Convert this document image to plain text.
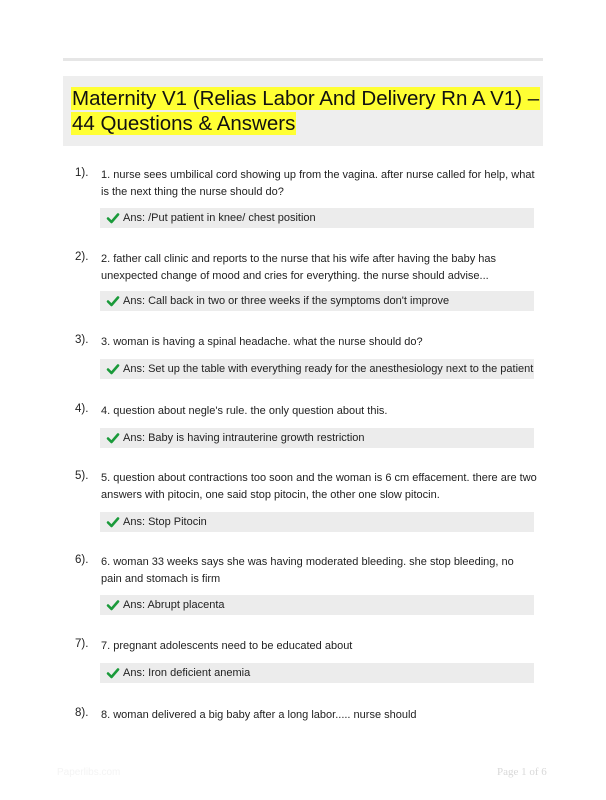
Maternity V1 (Relias Labor And Delivery Rn A V1) – 44 Questions & Answers
1). 1. nurse sees umbilical cord showing up from the vagina. after nurse called for help, what is the next thing the nurse should do?
Ans: /Put patient in knee/ chest position
2). 2. father call clinic and reports to the nurse that his wife after having the baby has unexpected change of mood and cries for everything. the nurse should advise...
Ans: Call back in two or three weeks if the symptoms don't improve
3). 3. woman is having a spinal headache. what the nurse should do?
Ans: Set up the table with everything ready for the anesthesiology next to the patient
4). 4. question about negle's rule. the only question about this.
Ans: Baby is having intrauterine growth restriction
5). 5. question about contractions too soon and the woman is 6 cm effacement. there are two answers with pitocin, one said stop pitocin, the other one slow pitocin.
Ans: Stop Pitocin
6). 6. woman 33 weeks says she was having moderated bleeding. she stop bleeding, no pain and stomach is firm
Ans: Abrupt placenta
7). 7. pregnant adolescents need to be educated about
Ans: Iron deficient anemia
8). 8. woman delivered a big baby after a long labor..... nurse should
Paperlibs.com	Page 1 of 6
